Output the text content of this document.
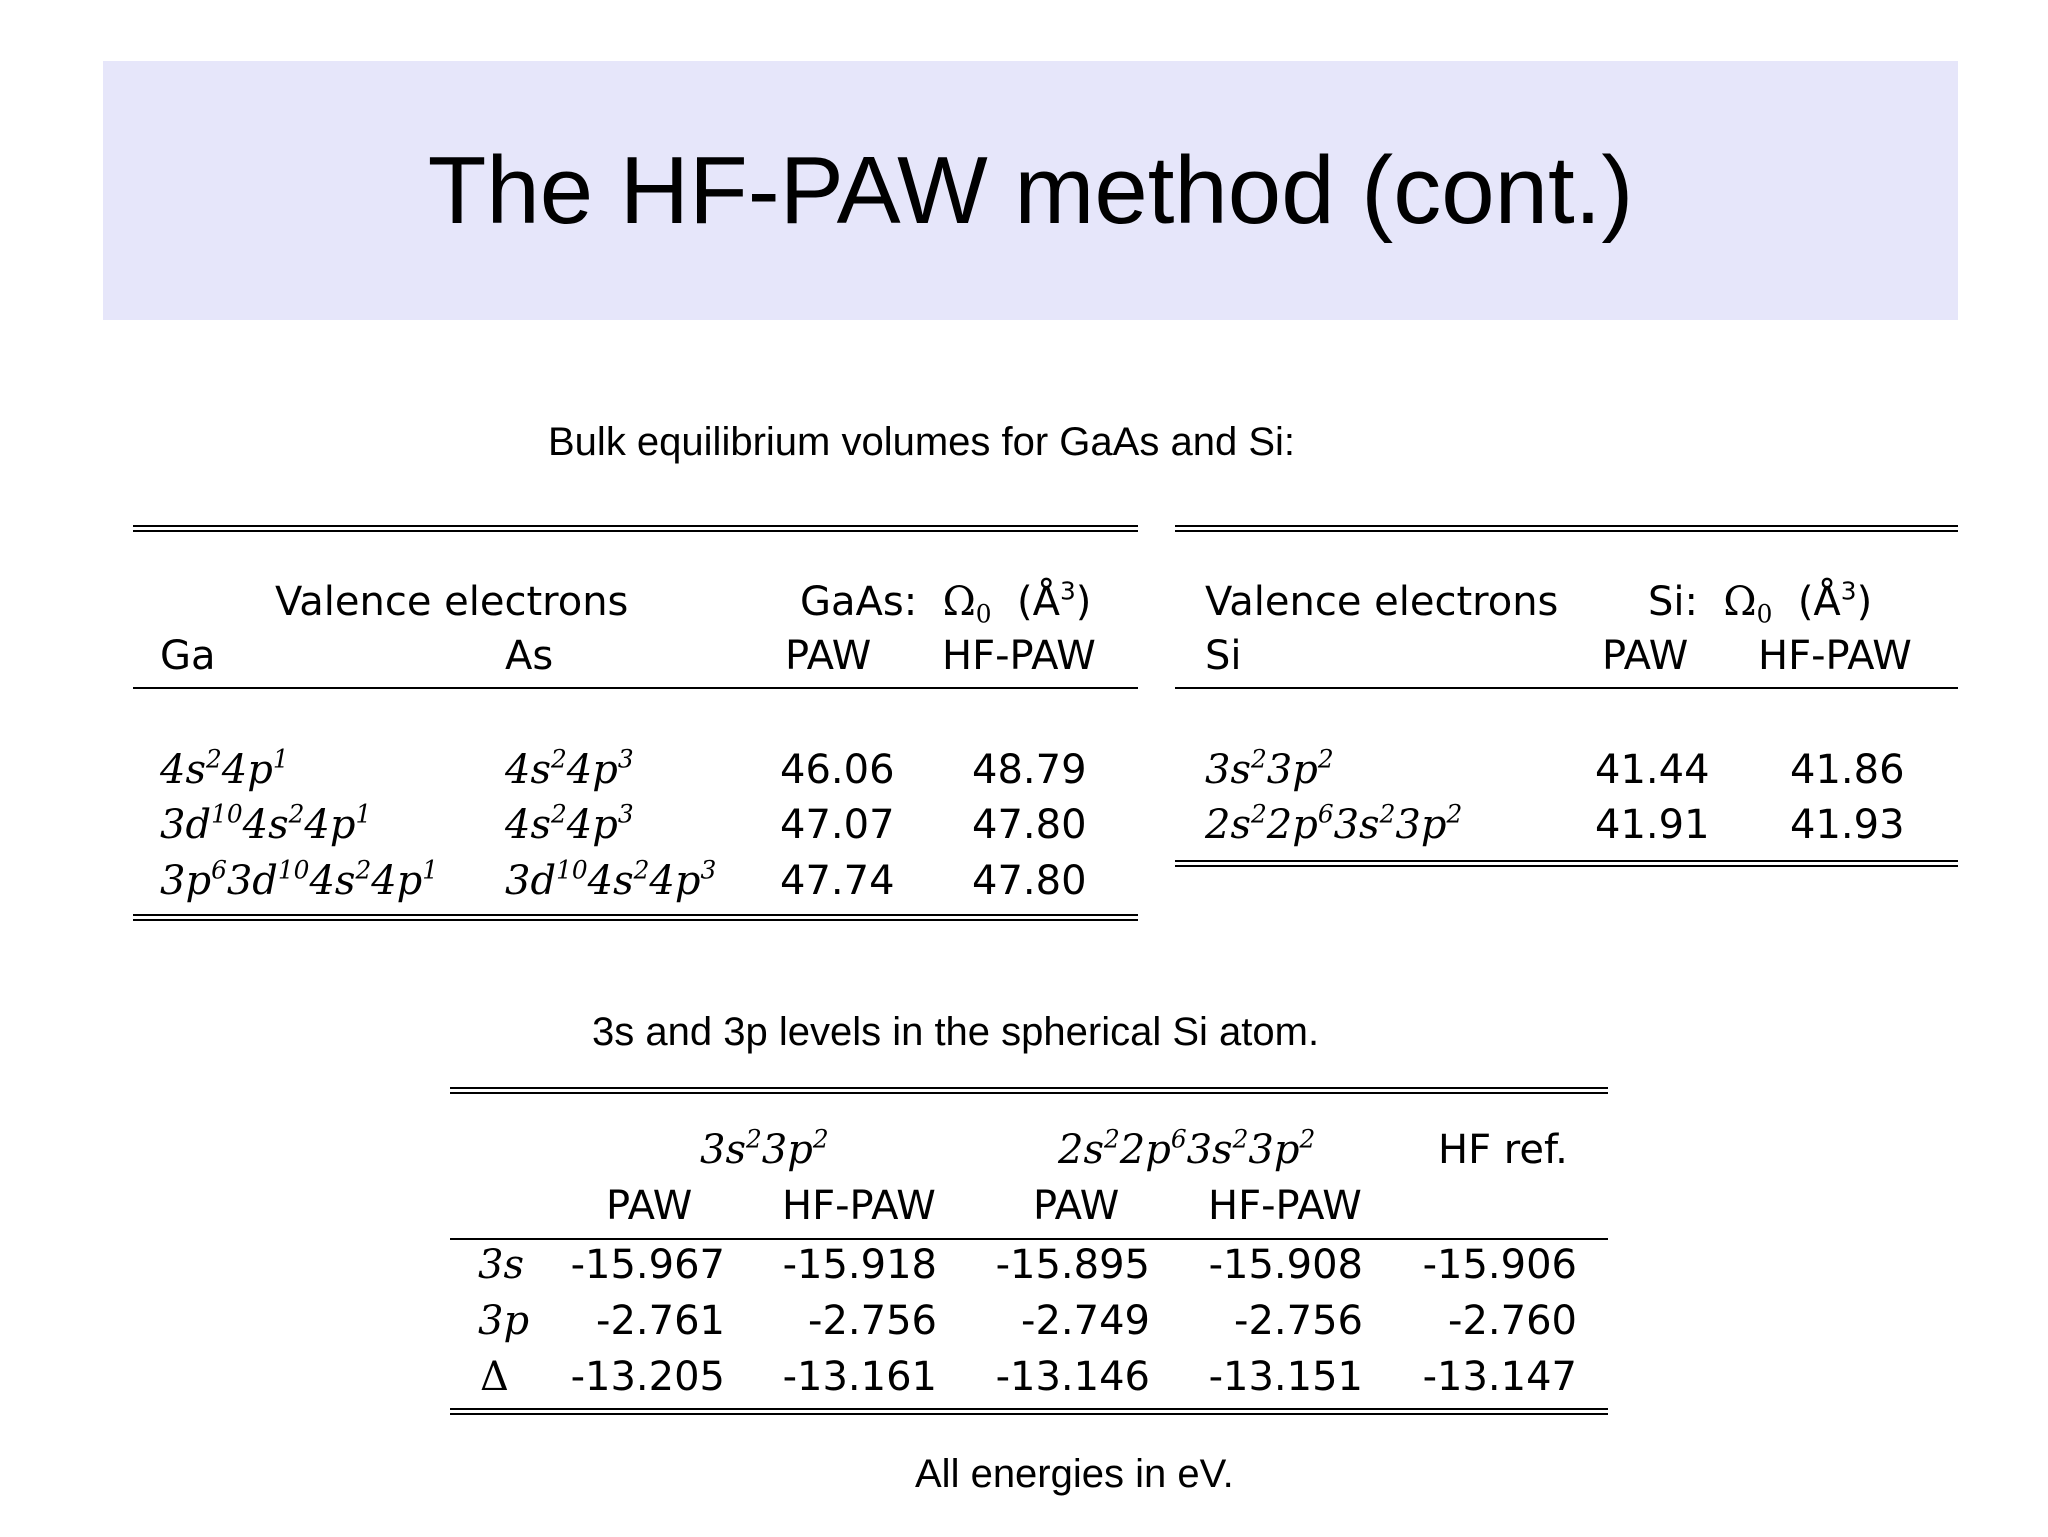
The HF-PAW method (cont.)
Bulk equilibrium volumes for GaAs and Si:
Valence electrons	GaAs: $\Omega_0$ $(Å^3)$
Ga	As	PAW HF-PAW
$4s^24p^1$	$4s^24p^3$	46.06 48.79
$3d^{10}4s^24p^1$	$4s^24p^3$	47.07 47.80
$3p^63d^{10}4s^24p^1$ $3d^{10}4s^24p^3$ 47.74 47.80
Valence electrons Si: $\Omega_0$ $(Å^3)$
Si	PAW HF-PAW
$3s^23p^2$	41.44 41.86
$2s^22p^63s^23p^2$	41.91 41.93
3s and 3p levels in the spherical Si atom.
$3s^23p^2$	$2s^22p^63s^23p^2$	HF ref.
PAW HF-PAW PAW HF-PAW
3s -15.967 -15.918 -15.895 -15.908 -15.906
3p	-2.761	-2.756	-2.749	-2.756	-2.760
Δ -13.205 -13.161 -13.146 -13.151 -13.147
All energies in eV.
